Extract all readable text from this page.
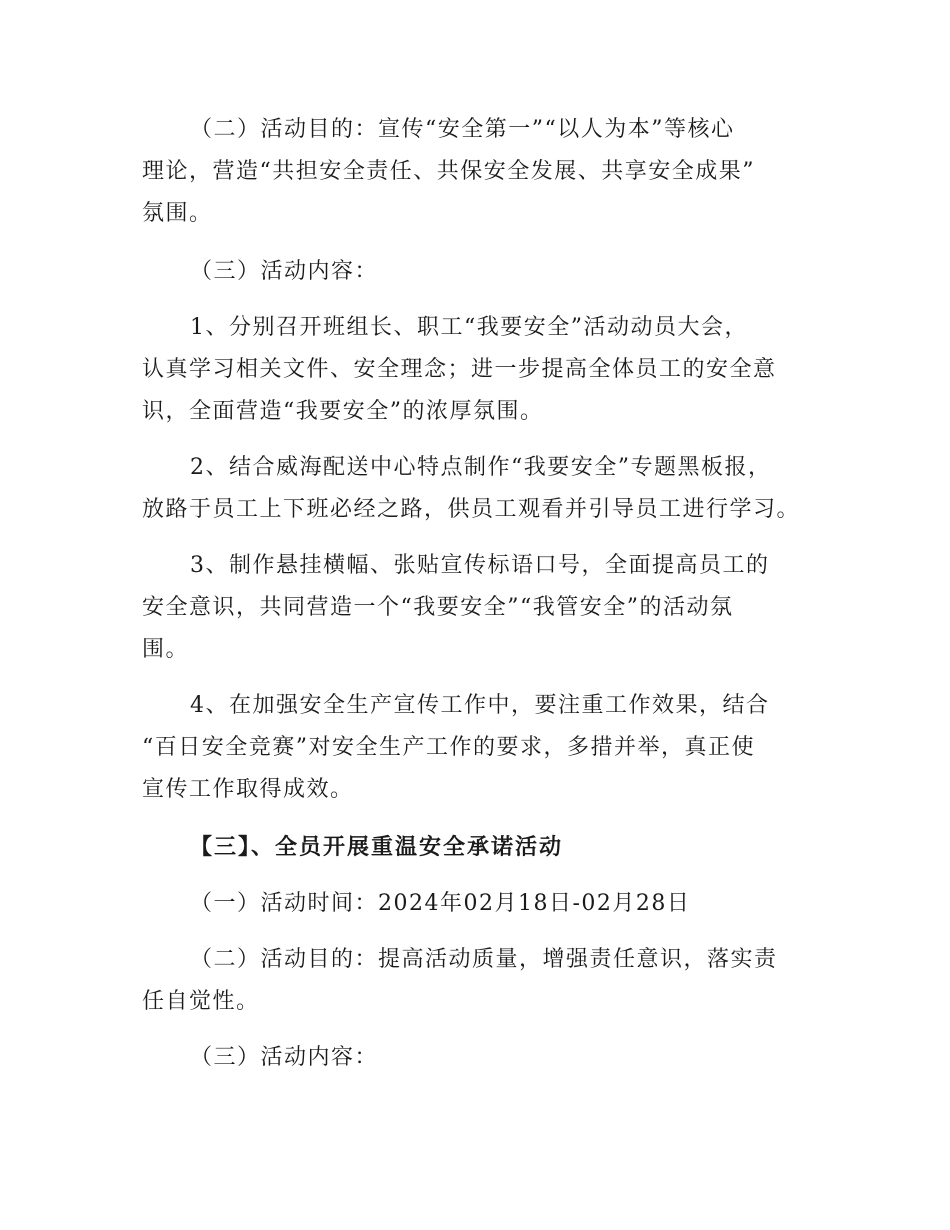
（二）活动目的：宣传“安全第一”“以人为本”等核心

理论，营造“共担安全责任、共保安全发展、共享安全成果”

氛围。

（三）活动内容：

1、分别召开班组长、职工“我要安全”活动动员大会，

认真学习相关文件、安全理念；进一步提高全体员工的安全意

识，全面营造“我要安全”的浓厚氛围。

2、结合威海配送中心特点制作“我要安全”专题黑板报，

放路于员工上下班必经之路，供员工观看并引导员工进行学习。

3、制作悬挂横幅、张贴宣传标语口号，全面提高员工的

安全意识，共同营造一个“我要安全”“我管安全”的活动氛

围。

4、在加强安全生产宣传工作中，要注重工作效果，结合

“百日安全竞赛”对安全生产工作的要求，多措并举，真正使

宣传工作取得成效。

【三】、全员开展重温安全承诺活动

（一）活动时间：2024年02月18日-02月28日

（二）活动目的：提高活动质量，增强责任意识，落实责

任自觉性。

（三）活动内容：
